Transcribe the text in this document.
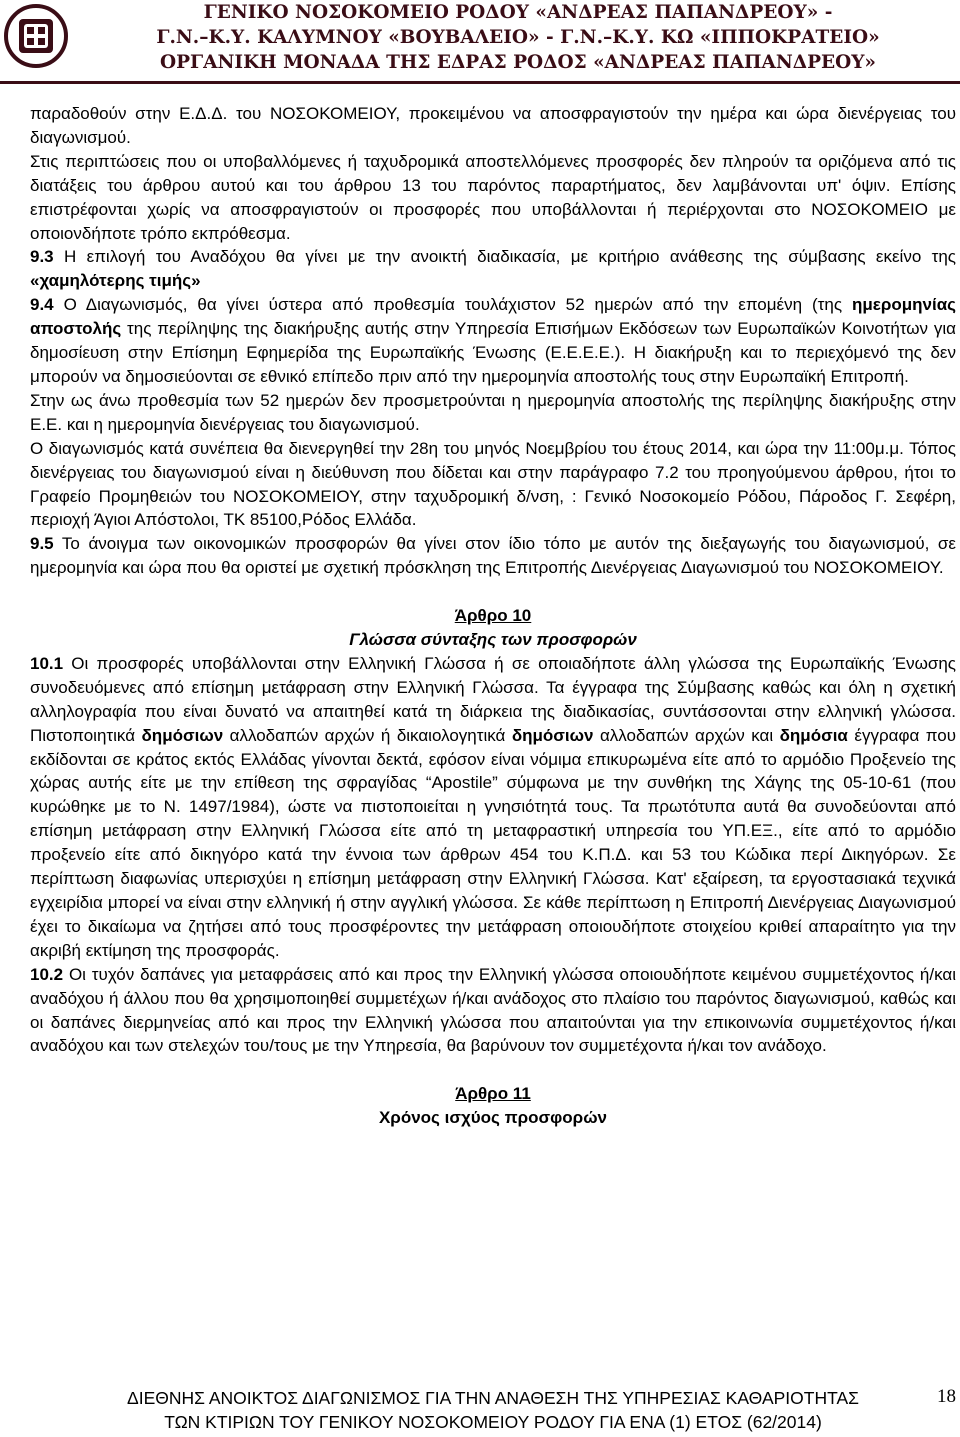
ΓΕΝΙΚΟ ΝΟΣΟΚΟΜΕΙΟ ΡΟΔΟΥ «ΑΝΔΡΕΑΣ ΠΑΠΑΝΔΡΕΟΥ» -
Γ.Ν.–Κ.Υ. ΚΑΛΥΜΝΟΥ «ΒΟΥΒΑΛΕΙΟ» - Γ.Ν.–Κ.Υ. ΚΩ «ΙΠΠΟΚΡΑΤΕΙΟ»
ΟΡΓΑΝΙΚΗ ΜΟΝΑΔΑ ΤΗΣ ΕΔΡΑΣ ΡΟΔΟΣ «ΑΝΔΡΕΑΣ ΠΑΠΑΝΔΡΕΟΥ»

παραδοθούν στην Ε.Δ.Δ. του ΝΟΣΟΚΟΜΕΙΟΥ, προκειμένου να αποσφραγιστούν την ημέρα και ώρα διενέργειας του διαγωνισμού.

Στις περιπτώσεις που οι υποβαλλόμενες ή ταχυδρομικά αποστελλόμενες προσφορές δεν πληρούν τα οριζόμενα από τις διατάξεις του άρθρου αυτού και του άρθρου 13 του παρόντος παραρτήματος, δεν λαμβάνονται υπ' όψιν. Επίσης επιστρέφονται χωρίς να αποσφραγιστούν οι προσφορές που υποβάλλονται ή περιέρχονται στο ΝΟΣΟΚΟΜΕΙΟ με οποιονδήποτε τρόπο εκπρόθεσμα.

9.3 Η επιλογή του Αναδόχου θα γίνει με την ανοικτή διαδικασία, με κριτήριο ανάθεσης της σύμβασης εκείνο της «χαμηλότερης τιμής»

9.4 Ο Διαγωνισμός, θα γίνει ύστερα από προθεσμία τουλάχιστον 52 ημερών από την επομένη (της ημερομηνίας αποστολής της περίληψης της διακήρυξης αυτής στην Υπηρεσία Επισήμων Εκδόσεων των Ευρωπαϊκών Κοινοτήτων για δημοσίευση στην Επίσημη Εφημερίδα της Ευρωπαϊκής Ένωσης (Ε.Ε.Ε.Ε.). Η διακήρυξη και το περιεχόμενό της δεν μπορούν να δημοσιεύονται σε εθνικό επίπεδο πριν από την ημερομηνία αποστολής τους στην Ευρωπαϊκή Επιτροπή.

Στην ως άνω προθεσμία των 52 ημερών δεν προσμετρούνται η ημερομηνία αποστολής της περίληψης διακήρυξης στην Ε.Ε. και η ημερομηνία διενέργειας του διαγωνισμού.

Ο διαγωνισμός κατά συνέπεια θα διενεργηθεί την 28η του μηνός Νοεμβρίου του έτους 2014, και ώρα την 11:00μ.μ. Τόπος διενέργειας του διαγωνισμού είναι η διεύθυνση που δίδεται και στην παράγραφο 7.2 του προηγούμενου άρθρου, ήτοι το Γραφείο Προμηθειών του ΝΟΣΟΚΟΜΕΙΟΥ, στην ταχυδρομική δ/νση, : Γενικό Νοσοκομείο Ρόδου, Πάροδος Γ. Σεφέρη, περιοχή Άγιοι Απόστολοι, ΤΚ 85100,Ρόδος Ελλάδα.

9.5 Το άνοιγμα των οικονομικών προσφορών θα γίνει στον ίδιο τόπο με αυτόν της διεξαγωγής του διαγωνισμού, σε ημερομηνία και ώρα που θα οριστεί με σχετική πρόσκληση της Επιτροπής Διενέργειας Διαγωνισμού του ΝΟΣΟΚΟΜΕΙΟΥ.

Άρθρο 10

Γλώσσα σύνταξης των προσφορών

10.1 Οι προσφορές υποβάλλονται στην Ελληνική Γλώσσα ή σε οποιαδήποτε άλλη γλώσσα της Ευρωπαϊκής Ένωσης συνοδευόμενες από επίσημη μετάφραση στην Ελληνική Γλώσσα. Τα έγγραφα της Σύμβασης καθώς και όλη η σχετική αλληλογραφία που είναι δυνατό να απαιτηθεί κατά τη διάρκεια της διαδικασίας, συντάσσονται στην ελληνική γλώσσα. Πιστοποιητικά δημόσιων αλλοδαπών αρχών ή δικαιολογητικά δημόσιων αλλοδαπών αρχών και δημόσια έγγραφα που εκδίδονται σε κράτος εκτός Ελλάδας γίνονται δεκτά, εφόσον είναι νόμιμα επικυρωμένα είτε από το αρμόδιο Προξενείο της χώρας αυτής είτε με την επίθεση της σφραγίδας “Apostile” σύμφωνα με την συνθήκη της Χάγης της 05-10-61 (που κυρώθηκε με το Ν. 1497/1984), ώστε να πιστοποιείται η γνησιότητά τους. Τα πρωτότυπα αυτά θα συνοδεύονται από επίσημη μετάφραση στην Ελληνική Γλώσσα είτε από τη μεταφραστική υπηρεσία του ΥΠ.ΕΞ., είτε από το αρμόδιο προξενείο είτε από δικηγόρο κατά την έννοια των άρθρων 454 του Κ.Π.Δ. και 53 του Κώδικα περί Δικηγόρων. Σε περίπτωση διαφωνίας υπερισχύει η επίσημη μετάφραση στην Ελληνική Γλώσσα. Κατ' εξαίρεση, τα εργοστασιακά τεχνικά εγχειρίδια μπορεί να είναι στην ελληνική ή στην αγγλική γλώσσα. Σε κάθε περίπτωση η Επιτροπή Διενέργειας Διαγωνισμού έχει το δικαίωμα να ζητήσει από τους προσφέροντες την μετάφραση οποιουδήποτε στοιχείου κριθεί απαραίτητο για την ακριβή εκτίμηση της προσφοράς.

10.2 Οι τυχόν δαπάνες για μεταφράσεις από και προς την Ελληνική γλώσσα οποιουδήποτε κειμένου συμμετέχοντος ή/και αναδόχου ή άλλου που θα χρησιμοποιηθεί συμμετέχων ή/και ανάδοχος στο πλαίσιο του παρόντος διαγωνισμού, καθώς και οι δαπάνες διερμηνείας από και προς την Ελληνική γλώσσα που απαιτούνται για την επικοινωνία συμμετέχοντος ή/και αναδόχου και των στελεχών του/τους με την Υπηρεσία, θα βαρύνουν τον συμμετέχοντα ή/και τον ανάδοχο.

Άρθρο 11

Χρόνος ισχύος προσφορών

18
ΔΙΕΘΝΗΣ ΑΝΟΙΚΤΟΣ ΔΙΑΓΩΝΙΣΜΟΣ ΓΙΑ ΤΗΝ ΑΝΑΘΕΣΗ ΤΗΣ ΥΠΗΡΕΣΙΑΣ ΚΑΘΑΡΙΟΤΗΤΑΣ
ΤΩΝ ΚΤΙΡΙΩΝ ΤΟΥ ΓΕΝΙΚΟΥ ΝΟΣΟΚΟΜΕΙΟΥ ΡΟΔΟΥ ΓΙΑ ΕΝΑ (1) ΕΤΟΣ (62/2014)
